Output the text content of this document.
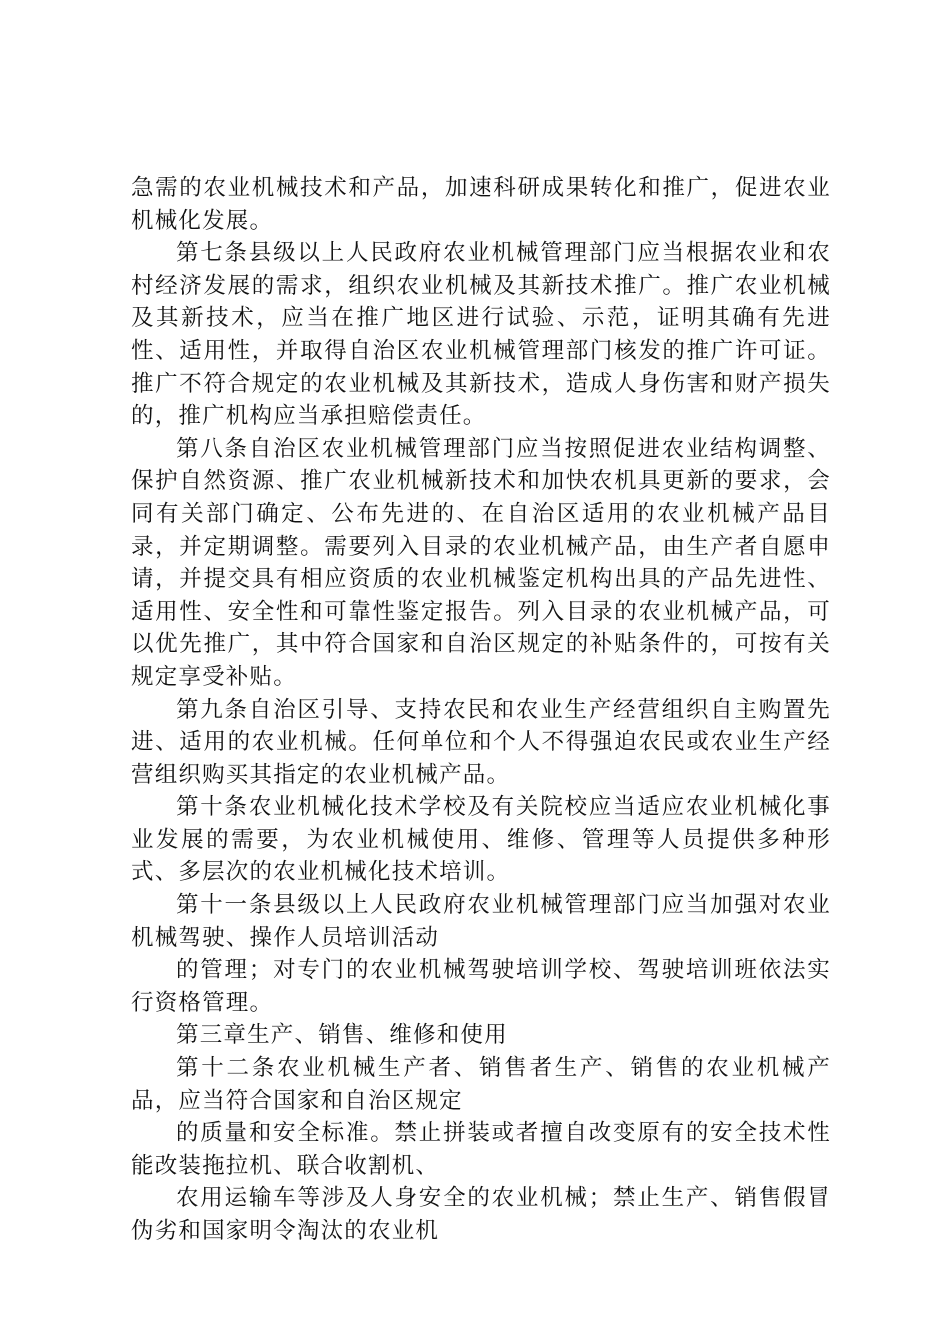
急需的农业机械技术和产品，加速科研成果转化和推广，促进农业机械化发展。

第七条县级以上人民政府农业机械管理部门应当根据农业和农村经济发展的需求，组织农业机械及其新技术推广。推广农业机械及其新技术，应当在推广地区进行试验、示范，证明其确有先进性、适用性，并取得自治区农业机械管理部门核发的推广许可证。推广不符合规定的农业机械及其新技术，造成人身伤害和财产损失的，推广机构应当承担赔偿责任。

第八条自治区农业机械管理部门应当按照促进农业结构调整、保护自然资源、推广农业机械新技术和加快农机具更新的要求，会同有关部门确定、公布先进的、在自治区适用的农业机械产品目录，并定期调整。需要列入目录的农业机械产品，由生产者自愿申请，并提交具有相应资质的农业机械鉴定机构出具的产品先进性、适用性、安全性和可靠性鉴定报告。列入目录的农业机械产品，可以优先推广，其中符合国家和自治区规定的补贴条件的，可按有关规定享受补贴。

第九条自治区引导、支持农民和农业生产经营组织自主购置先进、适用的农业机械。任何单位和个人不得强迫农民或农业生产经营组织购买其指定的农业机械产品。

第十条农业机械化技术学校及有关院校应当适应农业机械化事业发展的需要，为农业机械使用、维修、管理等人员提供多种形式、多层次的农业机械化技术培训。

第十一条县级以上人民政府农业机械管理部门应当加强对农业机械驾驶、操作人员培训活动

的管理；对专门的农业机械驾驶培训学校、驾驶培训班依法实行资格管理。

第三章生产、销售、维修和使用

第十二条农业机械生产者、销售者生产、销售的农业机械产品，应当符合国家和自治区规定

的质量和安全标准。禁止拼装或者擅自改变原有的安全技术性能改装拖拉机、联合收割机、

农用运输车等涉及人身安全的农业机械；禁止生产、销售假冒伪劣和国家明令淘汰的农业机
